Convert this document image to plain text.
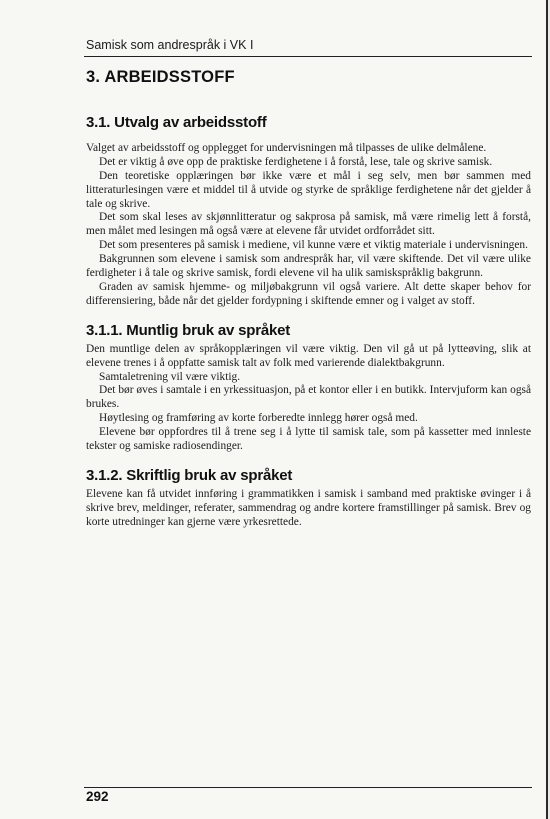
Samisk som andrespråk i VK I
3. ARBEIDSSTOFF
3.1. Utvalg av arbeidsstoff

Valget av arbeidsstoff og opplegget for undervisningen må tilpasses de ulike delmålene.

Det er viktig å øve opp de praktiske ferdighetene i å forstå, lese, tale og skrive samisk.

Den teoretiske opplæringen bør ikke være et mål i seg selv, men bør sammen med litteraturlesingen være et middel til å utvide og styrke de språklige ferdighetene når det gjelder å tale og skrive.

Det som skal leses av skjønnlitteratur og sakprosa på samisk, må være rimelig lett å forstå, men målet med lesingen må også være at elevene får utvidet ordforrådet sitt.

Det som presenteres på samisk i mediene, vil kunne være et viktig materiale i undervisningen.

Bakgrunnen som elevene i samisk som andrespråk har, vil være skiftende. Det vil være ulike ferdigheter i å tale og skrive samisk, fordi elevene vil ha ulik samiskspråklig bakgrunn.

Graden av samisk hjemme- og miljøbakgrunn vil også variere. Alt dette skaper behov for differensiering, både når det gjelder fordypning i skiftende emner og i valget av stoff.

3.1.1. Muntlig bruk av språket

Den muntlige delen av språkopplæringen vil være viktig. Den vil gå ut på lytteøving, slik at elevene trenes i å oppfatte samisk talt av folk med varierende dialektbakgrunn.

Samtaletrening vil være viktig.

Det bør øves i samtale i en yrkessituasjon, på et kontor eller i en butikk. Intervjuform kan også brukes.

Høytlesing og framføring av korte forberedte innlegg hører også med.

Elevene bør oppfordres til å trene seg i å lytte til samisk tale, som på kassetter med innleste tekster og samiske radiosendinger.

3.1.2. Skriftlig bruk av språket

Elevene kan få utvidet innføring i grammatikken i samisk i samband med praktiske øvinger i å skrive brev, meldinger, referater, sammendrag og andre kortere framstillinger på samisk. Brev og korte utredninger kan gjerne være yrkesrettede.

292
